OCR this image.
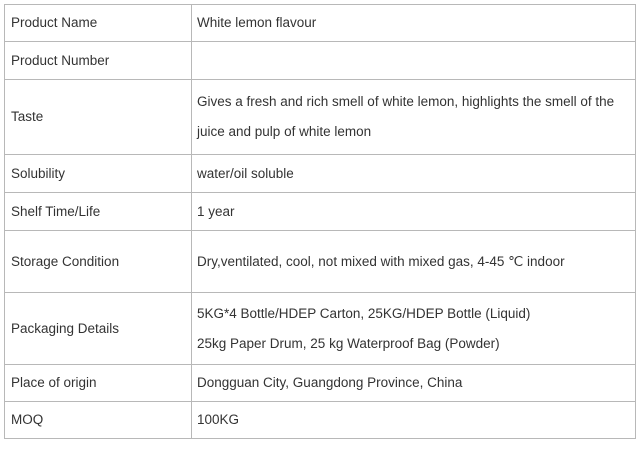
Product Name	White lemon flavour

Product Number	

Taste	Gives a fresh and rich smell of white lemon, highlights the smell of the
juice and pulp of white lemon

Solubility	water/oil soluble

Shelf Time/Life	1 year

Storage Condition	Dry,ventilated, cool, not mixed with mixed gas, 4-45 ℃ indoor

Packaging Details	5KG*4 Bottle/HDEP Carton, 25KG/HDEP Bottle (Liquid)
25kg Paper Drum, 25 kg Waterproof Bag (Powder)

Place of origin	Dongguan City, Guangdong Province, China

MOQ	100KG
